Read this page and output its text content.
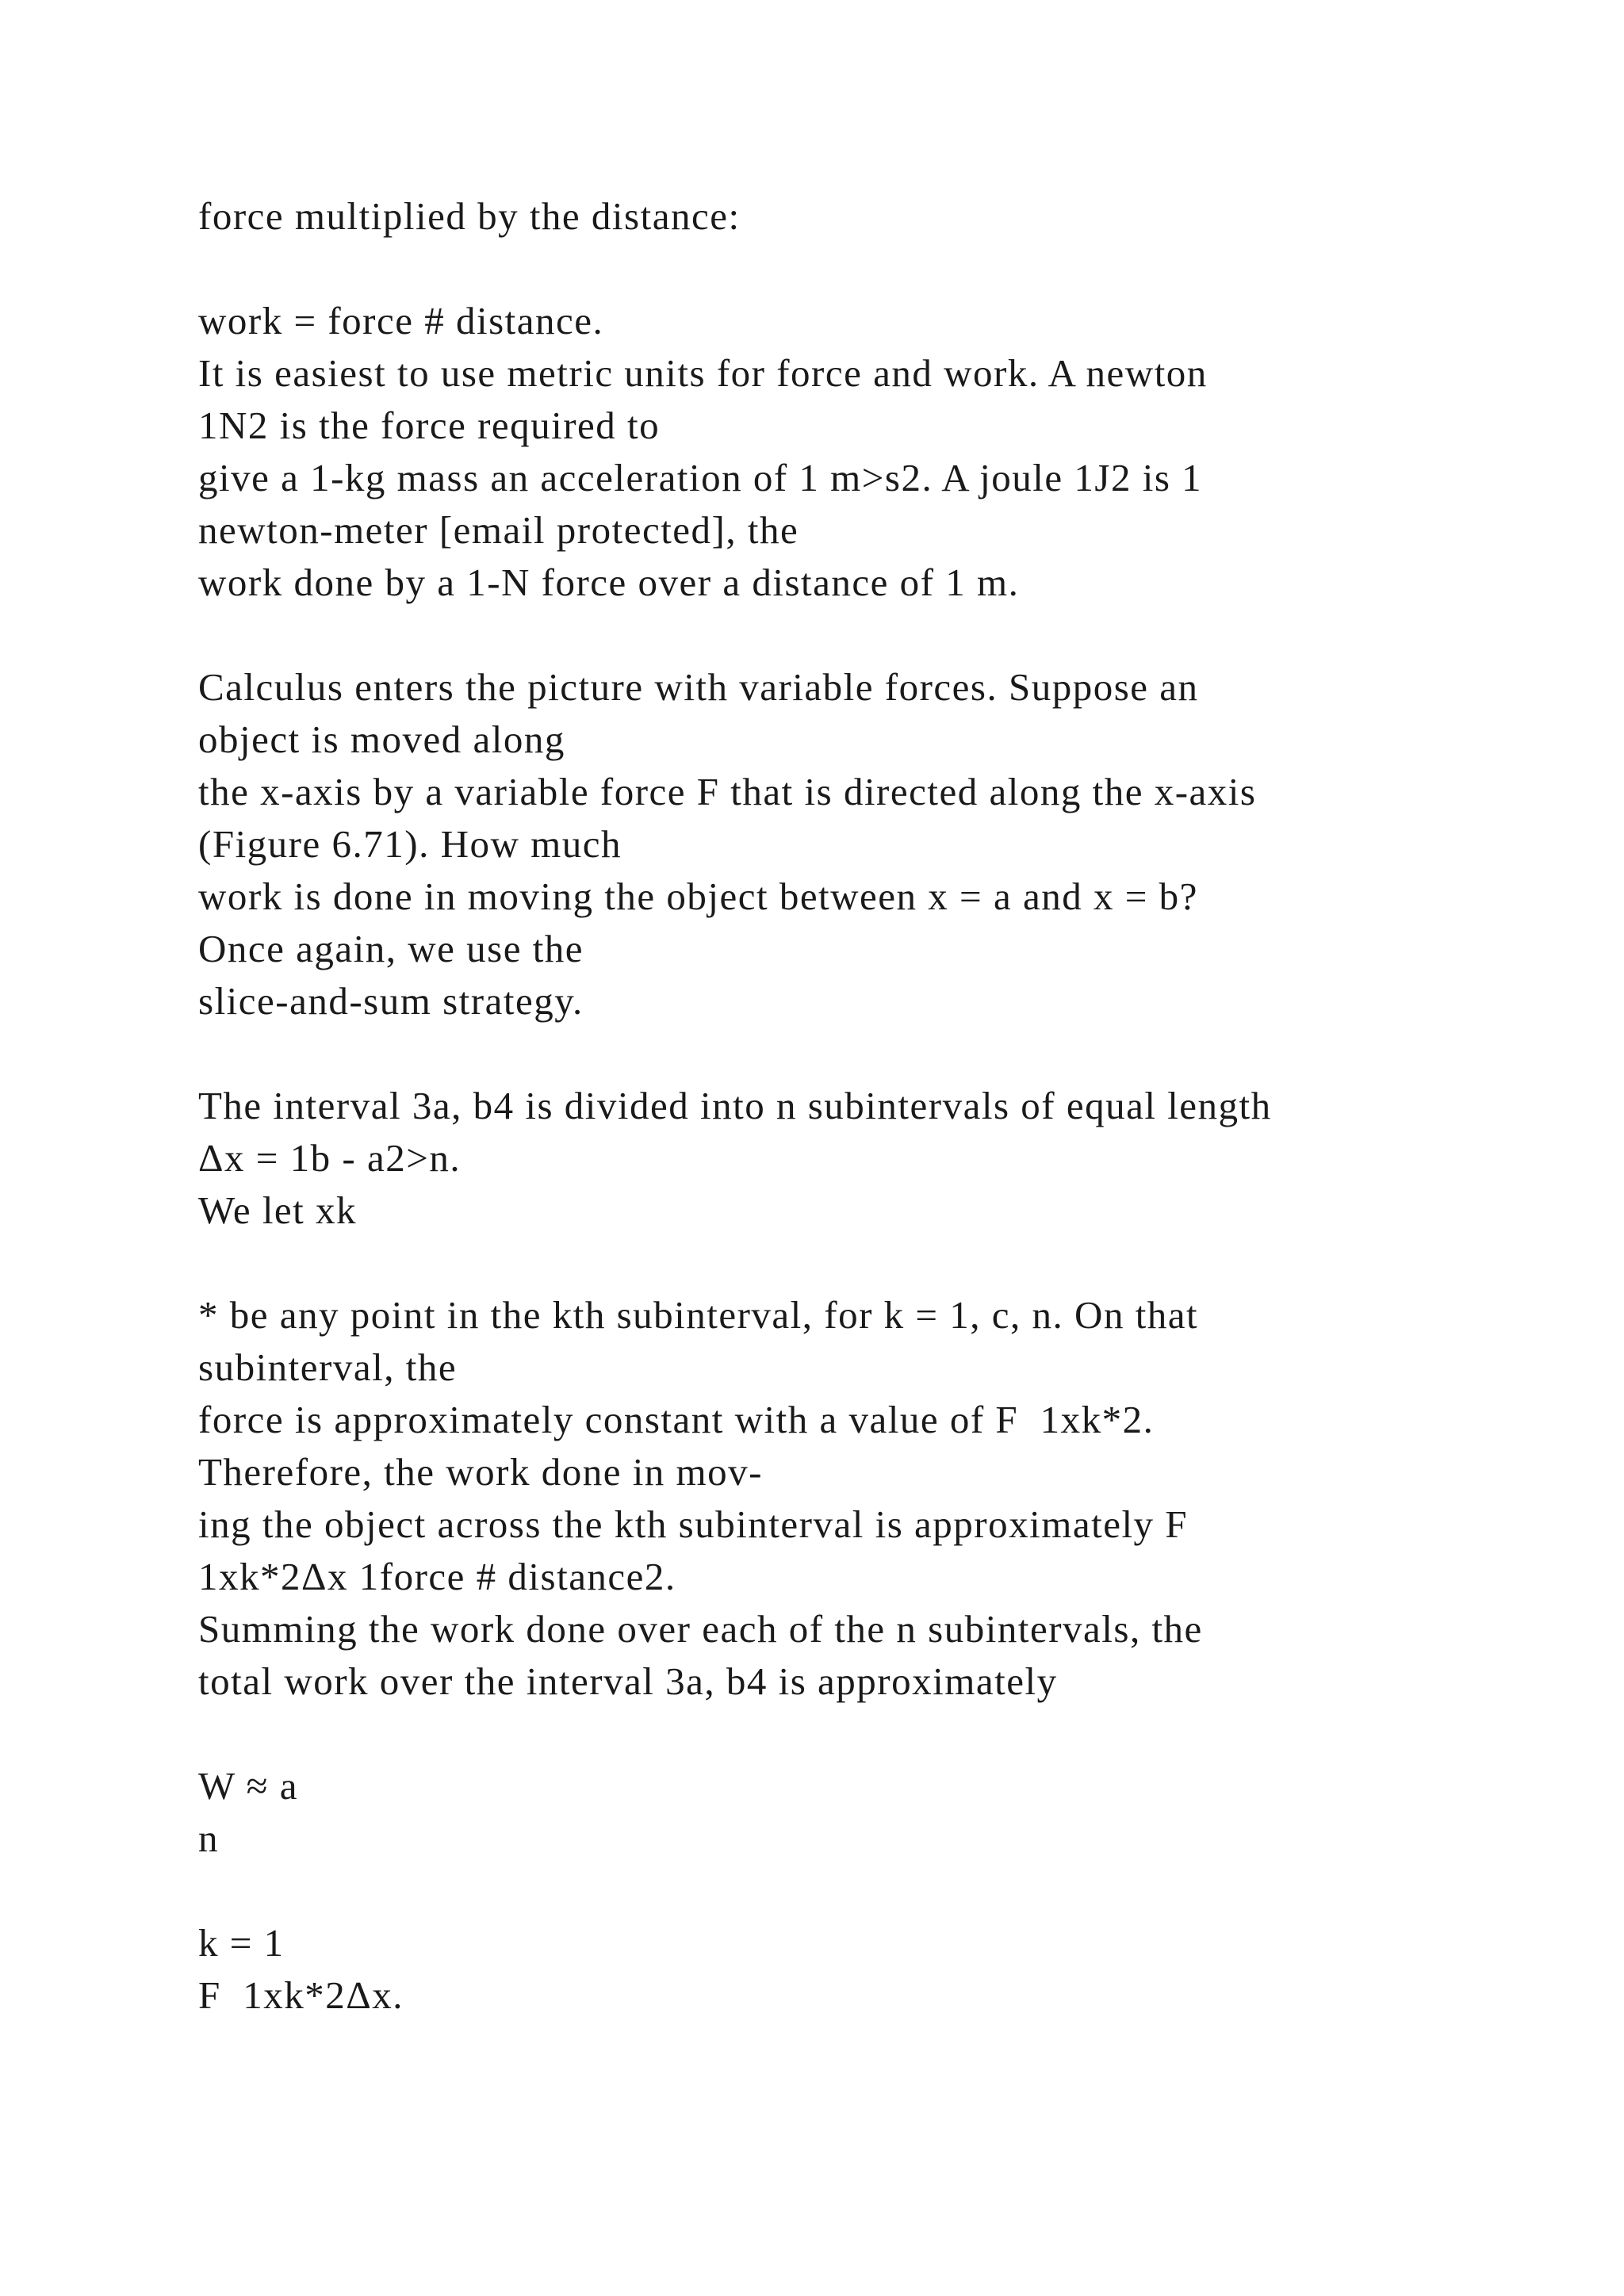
force multiplied by the distance:
work = force # distance.
It is easiest to use metric units for force and work. A newton
1N2 is the force required to
give a 1-kg mass an acceleration of 1 m>s2. A joule 1J2 is 1
newton-meter [email protected], the
work done by a 1-N force over a distance of 1 m.
Calculus enters the picture with variable forces. Suppose an
object is moved along
the x-axis by a variable force F that is directed along the x-axis
(Figure 6.71). How much
work is done in moving the object between x = a and x = b?
Once again, we use the
slice-and-sum strategy.
The interval 3a, b4 is divided into n subintervals of equal length
Δx = 1b - a2>n.
We let xk
* be any point in the kth subinterval, for k = 1, c, n. On that
subinterval, the
force is approximately constant with a value of F  1xk*2.
Therefore, the work done in mov-
ing the object across the kth subinterval is approximately F
1xk*2Δx 1force # distance2.
Summing the work done over each of the n subintervals, the
total work over the interval 3a, b4 is approximately
W ≈ a
n
k = 1
F  1xk*2Δx.
